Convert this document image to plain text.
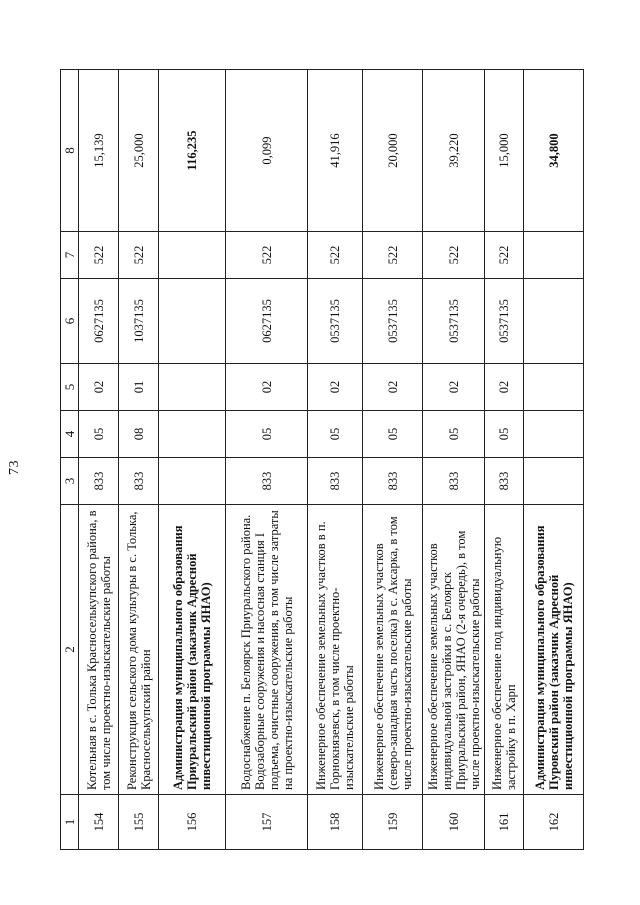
73
1	2	3	4	5	6	7	8
154	Котельная в с. Толька Красноселькупского района, в том числе проектно-изыскательские работы	833	05	02	0627135	522	15,139
155	Реконструкция сельского дома культуры в с. Толька, Красноселькупский район	833	08	01	1037135	522	25,000
156	Администрация муниципального образования Приуральский район (заказчик Адресной инвестиционной программы ЯНАО)						116,235
157	Водоснабжение п. Белоярск Приуральского района. Водозаборные сооружения и насосная станция I подъема, очистные сооружения, в том числе затраты на проектно-изыскательские работы	833	05	02	0627135	522	0,099
158	Инженерное обеспечение земельных участков в п. Горнокнязевск, в том числе проектно-изыскательские работы	833	05	02	0537135	522	41,916
159	Инженерное обеспечение земельных участков (северо-западная часть поселка) в с. Аксарка, в том числе проектно-изыскательские работы	833	05	02	0537135	522	20,000
160	Инженерное обеспечение земельных участков индивидуальной застройки в с. Белоярск Приуральский район, ЯНАО (2-я очередь), в том числе проектно-изыскательские работы	833	05	02	0537135	522	39,220
161	Инженерное обеспечение под индивидуальную застройку в п. Харп	833	05	02	0537135	522	15,000
162	Администрация муниципального образования Пуровский район (заказчик Адресной инвестиционной программы ЯНАО)						34,800
